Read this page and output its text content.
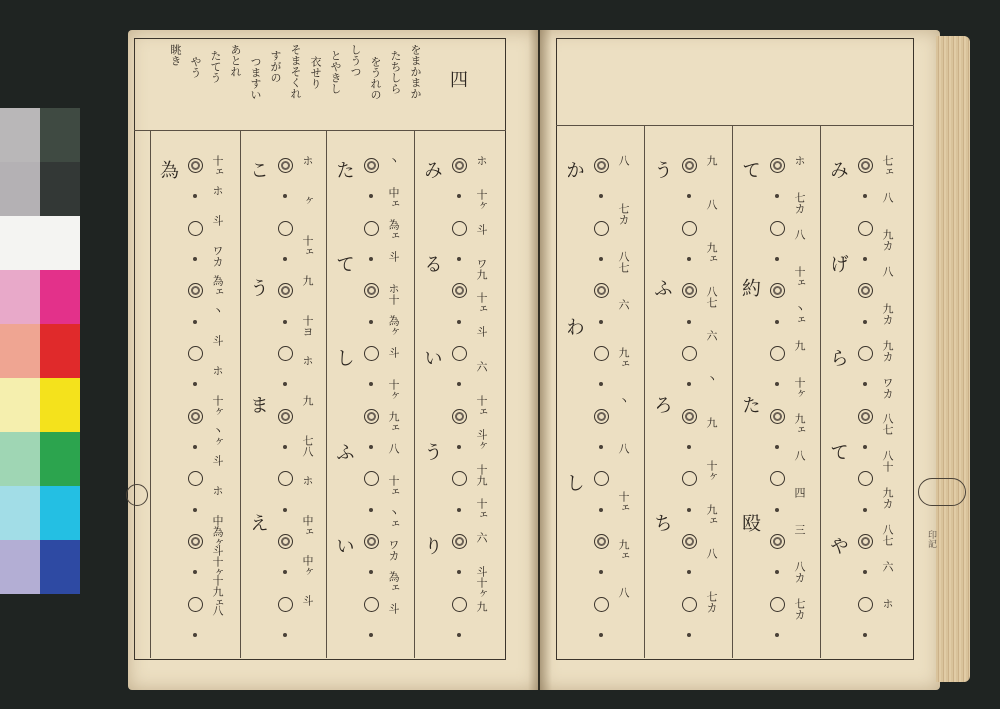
四
をまかまか
たちしら
をうれの
しうつ
とやきし
衣せり
そまそくれ
すがの
つますい
あとれ
たてう
やう
眺き
印記
為	十ェ
ホ
斗
ワカ
為ェ
丶
斗
ホ
十ヶ
丶ヶ
斗
ホ
中為ヶ
斗十ヶ
十九ェ
八
こ
う
ま
え
ホ
ヶ
十ェ
九
十ヨ
ホ
九
七八
ホ
中ェ
中ヶ
斗
た
て
し
ふ
い
丶
中ェ
為ェ
斗
ホ十
為ヶ
斗
十ヶ
九ェ
八
十ェ
丶ェ
ワカ
為ェ
斗
み
る
い
う
り
ホ
十ヶ
斗
ワ九
十ェ
斗
六
十ェ
斗ヶ
十九
十ェ
六
斗十ヶ
九
み
げ
ら
て
や
七ェ
八
九カ
八
九カ
九カ
ワカ
八七
八十
九カ
八七
六
ホ
て
約
た
殴
ホ
七カ
八
十ェ
丶ェ
九
十ヶ
九ェ
八
四
三
八カ
七カ
う
ふ
ろ
ち
九
八
九ェ
八七
六
丶
九
十ヶ
九ェ
八
七カ
か
わ
し
八
七カ
八七
六
九ェ
丶
八
十ェ
九ェ
八
